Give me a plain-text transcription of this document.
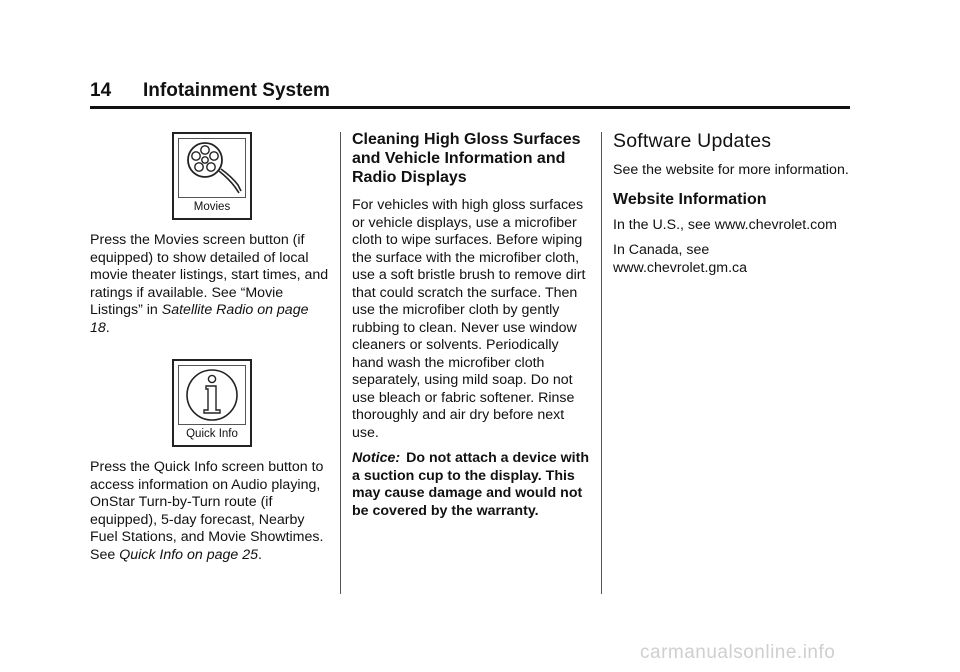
14 Infotainment System
Movies

Press the Movies screen button (if equipped) to show detailed of local movie theater listings, start times, and ratings if available. See “Movie Listings” in Satellite Radio on page 18.

Quick Info

Press the Quick Info screen button to access information on Audio playing, OnStar Turn-by-Turn route (if equipped), 5-day forecast, Nearby Fuel Stations, and Movie Showtimes. See Quick Info on page 25.

Cleaning High Gloss Surfaces and Vehicle Information and Radio Displays

For vehicles with high gloss surfaces or vehicle displays, use a microfiber cloth to wipe surfaces. Before wiping the surface with the microfiber cloth, use a soft bristle brush to remove dirt that could scratch the surface. Then use the microfiber cloth by gently rubbing to clean. Never use window cleaners or solvents. Periodically hand wash the microfiber cloth separately, using mild soap. Do not use bleach or fabric softener. Rinse thoroughly and air dry before next use.

Notice: Do not attach a device with a suction cup to the display. This may cause damage and would not be covered by the warranty.

Software Updates

See the website for more information.

Website Information

In the U.S., see www.chevrolet.com

In Canada, see www.chevrolet.gm.ca

carmanualsonline.info
